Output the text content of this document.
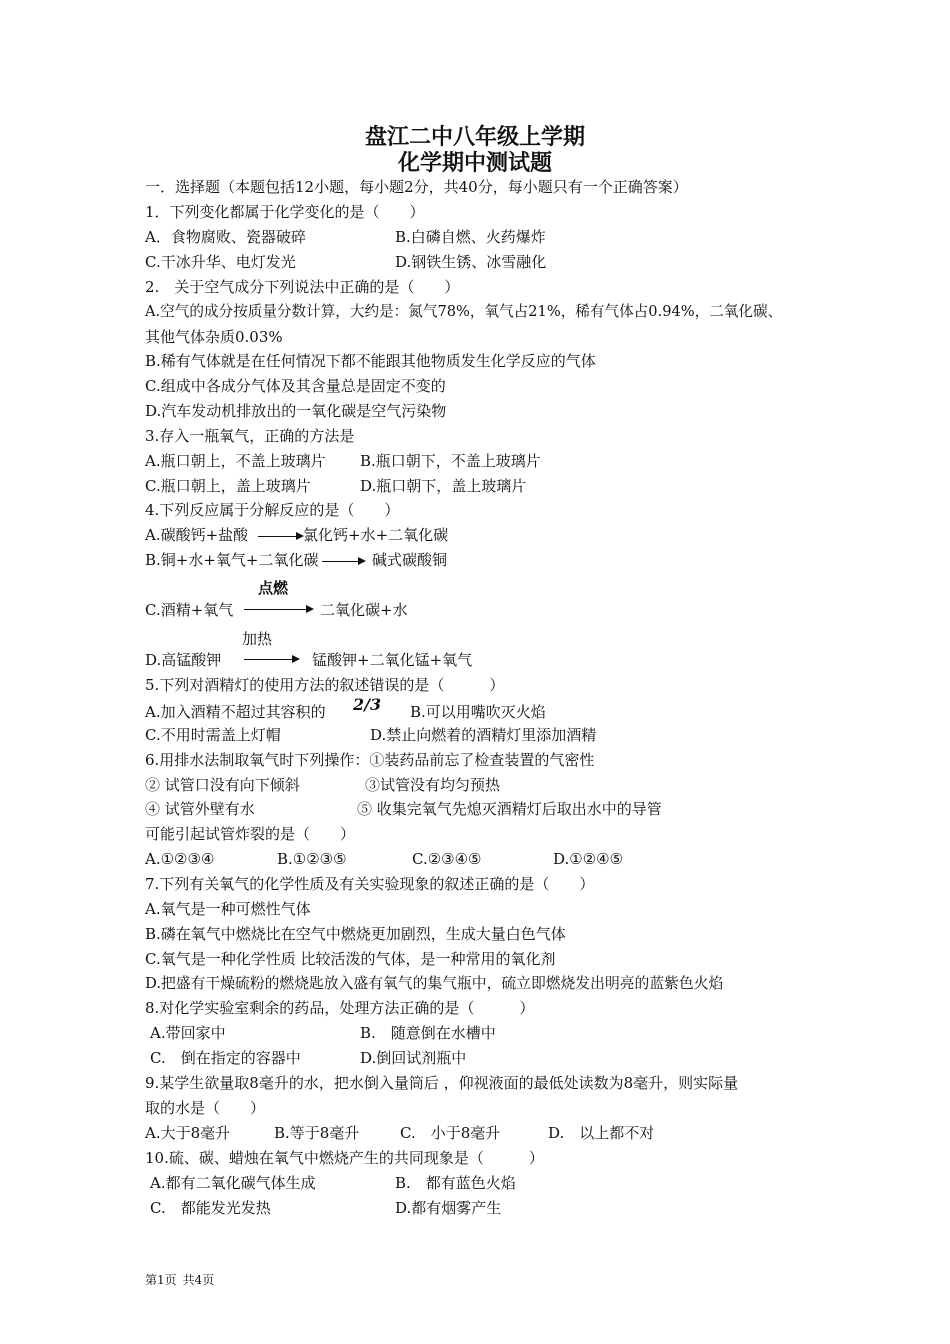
盘江二中八年级上学期
化学期中测试题
一．选择题（本题包括12小题，每小题2分，共40分，每小题只有一个正确答案）
1．下列变化都属于化学变化的是（　　）
A．食物腐败、瓷器破碎	B.白磷自燃、火药爆炸
C.干冰升华、电灯发光	D.钢铁生锈、冰雪融化
2.　关于空气成分下列说法中正确的是（　　）
A.空气的成分按质量分数计算，大约是：氮气78%，氧气占21%，稀有气体占0.94%，二氧化碳、
其他气体杂质0.03%
B.稀有气体就是在任何情况下都不能跟其他物质发生化学反应的气体
C.组成中各成分气体及其含量总是固定不变的
D.汽车发动机排放出的一氧化碳是空气污染物
3.存入一瓶氧气，正确的方法是
A.瓶口朝上，不盖上玻璃片 B.瓶口朝下，不盖上玻璃片
C.瓶口朝上，盖上玻璃片	D.瓶口朝下，盖上玻璃片
4.下列反应属于分解反应的是（　　）
A.碳酸钙+盐酸 → 氯化钙+水+二氧化碳
B.铜+水+氧气+二氧化碳 → 碱式碳酸铜
点燃
C.酒精+氧气	二氧化碳+水
加热
D.高锰酸钾 → 锰酸钾+二氧化锰+氧气
5.下列对酒精灯的使用方法的叙述错误的是（　　　）
A.加入酒精不超过其容积的 2/3 B.可以用嘴吹灭火焰
C.不用时需盖上灯帽	D.禁止向燃着的酒精灯里添加酒精
6.用排水法制取氧气时下列操作：①装药品前忘了检查装置的气密性
② 试管口没有向下倾斜	③试管没有均匀预热
④ 试管外壁有水	⑤ 收集完氧气先熄灭酒精灯后取出水中的导管
可能引起试管炸裂的是（　　）
A.①②③④	B.①②③⑤	C.②③④⑤	D.①②④⑤
7.下列有关氧气的化学性质及有关实验现象的叙述正确的是（　　）
A.氧气是一种可燃性气体
B.磷在氧气中燃烧比在空气中燃烧更加剧烈，生成大量白色气体
C.氧气是一种化学性质 比较活泼的气体，是一种常用的氧化剂
D.把盛有干燥硫粉的燃烧匙放入盛有氧气的集气瓶中，硫立即燃烧发出明亮的蓝紫色火焰
8.对化学实验室剩余的药品，处理方法正确的是（　　　）
A.带回家中	B.　随意倒在水槽中
C.　倒在指定的容器中	D.倒回试剂瓶中
9.某学生欲量取8毫升的水，把水倒入量筒后 ，仰视液面的最低处读数为8毫升，则实际量
取的水是（　　）
A.大于8毫升	B.等于8毫升	C.　小于8毫升	D.　以上都不对
10.硫、碳、蜡烛在氧气中燃烧产生的共同现象是（　　　）
A.都有二氧化碳气体生成	B.　都有蓝色火焰
C.　都能发光发热	D.都有烟雾产生
第1页 共4页
